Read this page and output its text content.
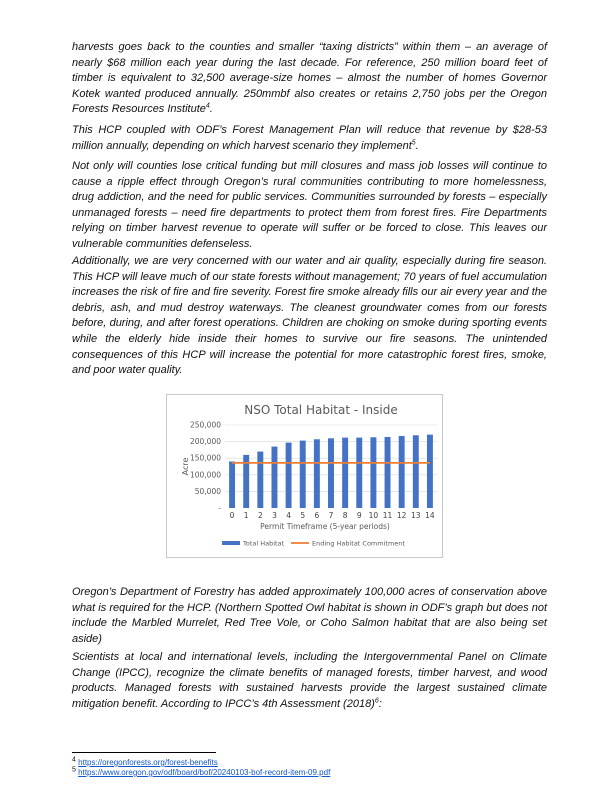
harvests goes back to the counties and smaller “taxing districts” within them – an average of nearly $68 million each year during the last decade. For reference, 250 million board feet of timber is equivalent to 32,500 average-size homes – almost the number of homes Governor Kotek wanted produced annually. 250mmbf also creates or retains 2,750 jobs per the Oregon Forests Resources Institute$^4$.

This HCP coupled with ODF’s Forest Management Plan will reduce that revenue by $28-53 million annually, depending on which harvest scenario they implement$^5$.

Not only will counties lose critical funding but mill closures and mass job losses will continue to cause a ripple effect through Oregon’s rural communities contributing to more homelessness, drug addiction, and the need for public services. Communities surrounded by forests – especially unmanaged forests – need fire departments to protect them from forest fires. Fire Departments relying on timber harvest revenue to operate will suffer or be forced to close. This leaves our vulnerable communities defenseless.

Additionally, we are very concerned with our water and air quality, especially during fire season. This HCP will leave much of our state forests without management; 70 years of fuel accumulation increases the risk of fire and fire severity. Forest fire smoke already fills our air every year and the debris, ash, and mud destroy waterways. The cleanest groundwater comes from our forests before, during, and after forest operations. Children are choking on smoke during sporting events while the elderly hide inside their homes to survive our fire seasons. The unintended consequences of this HCP will increase the potential for more catastrophic forest fires, smoke, and poor water quality.

NSO Total Habitat - Inside
-
50,000
100,000
150,000
200,000
250,000
Acre
0 1 2 3 4 5 6 7 8 9 10 11 12 13 14
Permit Timeframe (5-year periods)
Total Habitat	Ending Habitat Commitment

Oregon’s Department of Forestry has added approximately 100,000 acres of conservation above what is required for the HCP. (Northern Spotted Owl habitat is shown in ODF’s graph but does not include the Marbled Murrelet, Red Tree Vole, or Coho Salmon habitat that are also being set aside)

Scientists at local and international levels, including the Intergovernmental Panel on Climate Change (IPCC), recognize the climate benefits of managed forests, timber harvest, and wood products. Managed forests with sustained harvests provide the largest sustained climate mitigation benefit. According to IPCC’s 4th Assessment $(2018)^6$:

$^4$ https://oregonforests.org/forest-benefits

$^5$ https://www.oregon.gov/odf/board/bof/20240103-bof-record-item-09.pdf
